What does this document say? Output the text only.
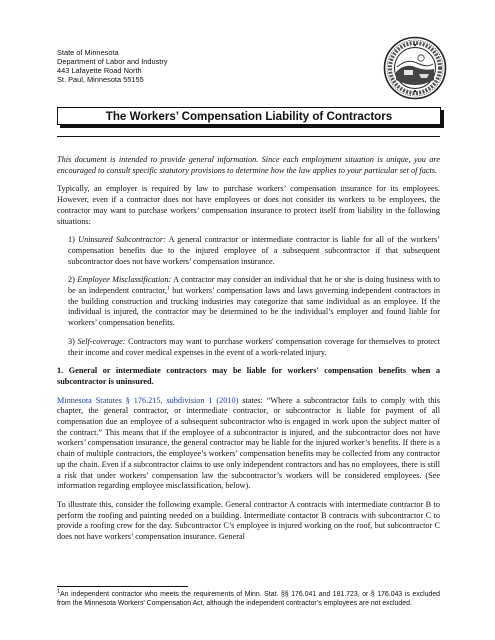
State of Minnesota
Department of Labor and Industry
443 Lafayette Road North
St. Paul, Minnesota 55155
The Workers’ Compensation Liability of Contractors

This document is intended to provide general information. Since each employment situation is unique, you are encouraged to consult specific statutory provisions to determine how the law applies to your particular set of facts.

Typically, an employer is required by law to purchase workers’ compensation insurance for its employees. However, even if a contractor does not have employees or does not consider its workers to be employees, the contractor may want to purchase workers’ compensation insurance to protect itself from liability in the following situations:

1) Uninsured Subcontractor: A general contractor or intermediate contractor is liable for all of the workers’ compensation benefits due to the injured employee of a subsequent subcontractor if that subsequent subcontractor does not have workers’ compensation insurance.

2) Employee Misclassification: A contractor may consider an individual that he or she is doing business with to be an independent contractor,$^1$ but workers’ compensation laws and laws governing independent contractors in the building construction and trucking industries may categorize that same individual as an employee. If the individual is injured, the contractor may be determined to be the individual’s employer and found liable for workers’ compensation benefits.

3) Self-coverage: Contractors may want to purchase workers' compensation coverage for themselves to protect their income and cover medical expenses in the event of a work-related injury.

1. General or intermediate contractors may be liable for workers' compensation benefits when a subcontractor is uninsured.

Minnesota Statutes § 176.215, subdivision 1 (2010) states: “Where a subcontractor fails to comply with this chapter, the general contractor, or intermediate contractor, or subcontractor is liable for payment of all compensation due an employee of a subsequent subcontractor who is engaged in work upon the subject matter of the contract.” This means that if the employee of a subcontractor is injured, and the subcontractor does not have workers’ compensation insurance, the general contractor may be liable for the injured worker’s benefits. If there is a chain of multiple contractors, the employee’s workers’ compensation benefits may be collected from any contractor up the chain. Even if a subcontractor claims to use only independent contractors and has no employees, there is still a risk that under workers’ compensation law the subcontractor’s workers will be considered employees. (See information regarding employee misclassification, below).

To illustrate this, consider the following example. General contractor A contracts with intermediate contractor B to perform the roofing and painting needed on a building. Intermediate contactor B contracts with subcontractor C to provide a roofing crew for the day. Subcontractor C’s employee is injured working on the roof, but subcontractor C does not have workers’ compensation insurance. General

$^1$An independent contractor who meets the requirements of Minn. Stat. §§ 176.041 and 181.723, or § 176.043 is excluded from the Minnesota Workers’ Compensation Act, although the independent contractor’s employees are not excluded.
